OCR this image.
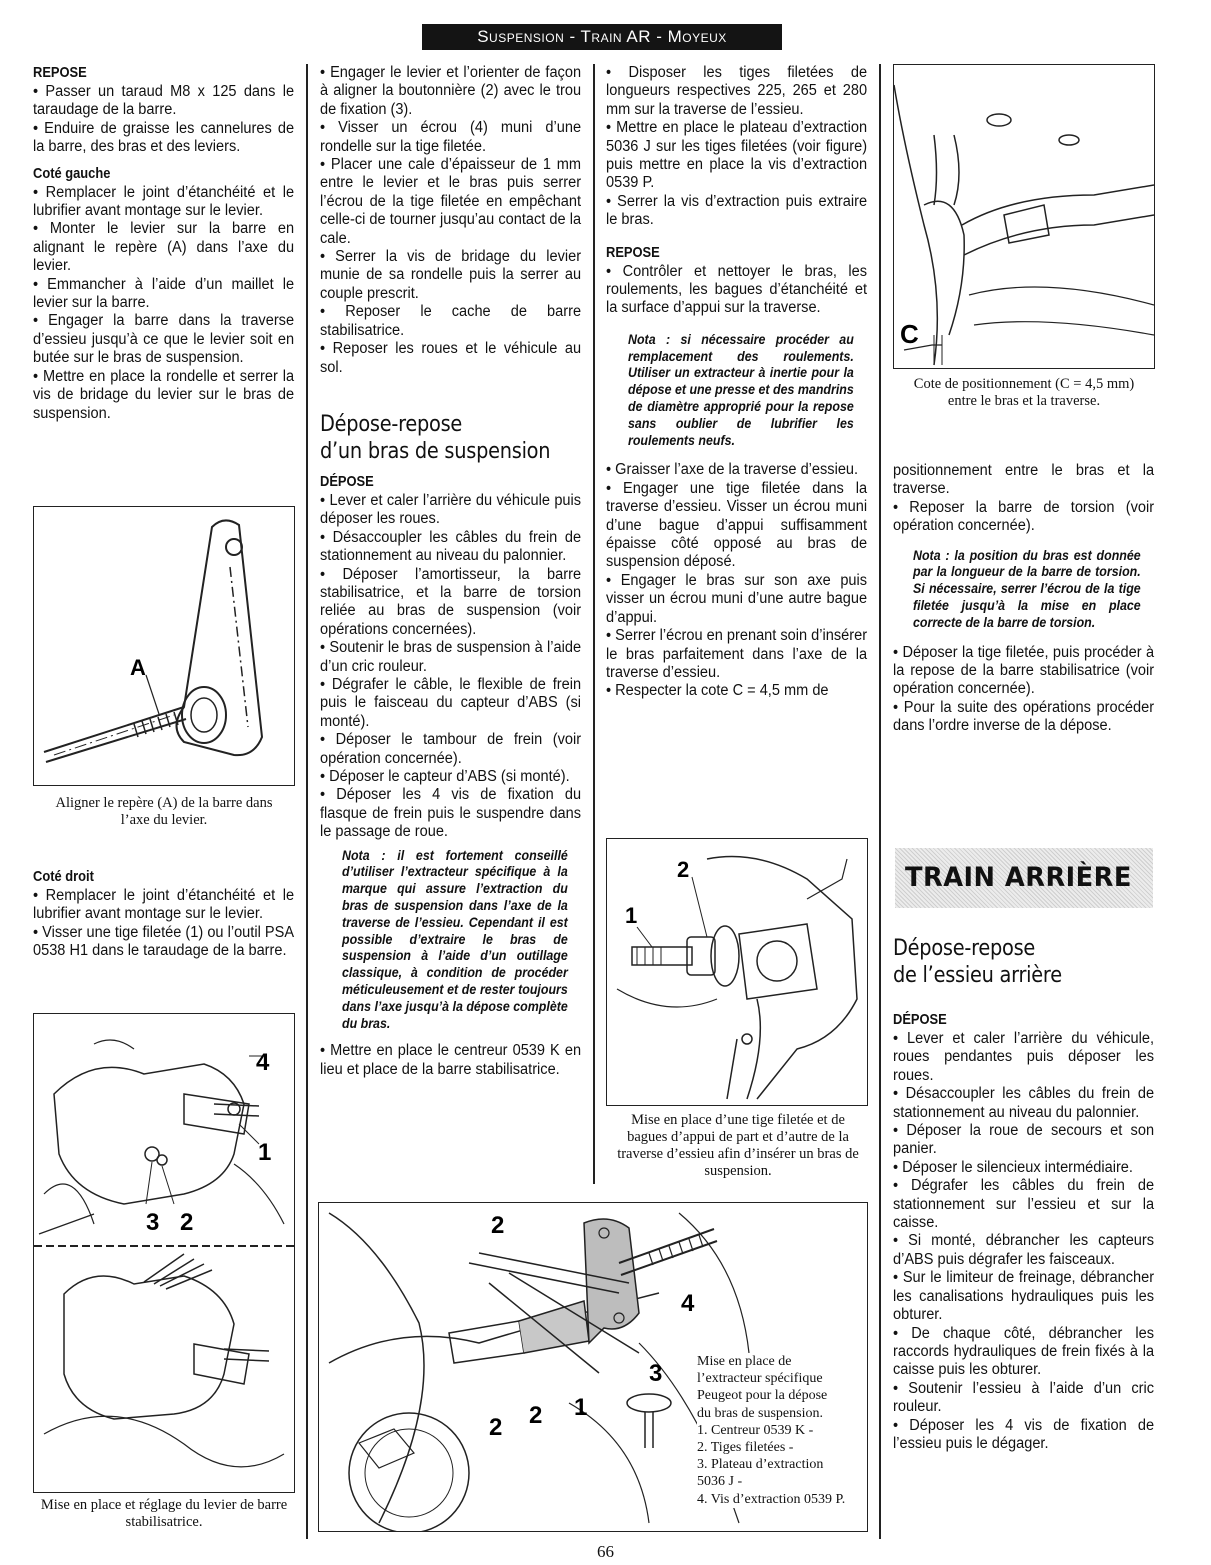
Suspension - Train AR - Moyeux
REPOSE

• Passer un taraud M8 x 125 dans le taraudage de la barre.
• Enduire de graisse les cannelures de la barre, des bras et des leviers.

Coté gauche

• Remplacer le joint d’étanchéité et le lubrifier avant montage sur le levier.
• Monter le levier sur la barre en alignant le repère (A) dans l’axe du levier.
• Emmancher à l’aide d’un maillet le levier sur la barre.
• Engager la barre dans la traverse d’essieu jusqu’à ce que le levier soit en butée sur le bras de suspension.
• Mettre en place la rondelle et serrer la vis de bridage du levier sur le bras de suspension.

A
Aligner le repère (A) de la barre dans l’axe du levier.
Coté droit

• Remplacer le joint d’étanchéité et le lubrifier avant montage sur le levier.
• Visser une tige filetée (1) ou l’outil PSA 0538 H1 dans le taraudage de la barre.

4
1
3 2
Mise en place et réglage du levier de barre stabilisatrice.

• Engager le levier et l’orienter de façon à aligner la boutonnière (2) avec le trou de fixation (3).
• Visser un écrou (4) muni d’une rondelle sur la tige filetée.
• Placer une cale d’épaisseur de 1 mm entre le levier et le bras puis serrer l’écrou de la tige filetée en empêchant celle-ci de tourner jusqu’au contact de la cale.
• Serrer la vis de bridage du levier munie de sa rondelle puis la serrer au couple prescrit.
• Reposer le cache de barre stabilisatrice.
• Reposer les roues et le véhicule au sol.

Dépose-repose
d’un bras de suspension
DÉPOSE

• Lever et caler l’arrière du véhicule puis déposer les roues.
• Désaccoupler les câbles du frein de stationnement au niveau du palonnier.
• Déposer l’amortisseur, la barre stabilisatrice, et la barre de torsion reliée au bras de suspension (voir opérations concernées).
• Soutenir le bras de suspension à l’aide d’un cric rouleur.
• Dégrafer le câble, le flexible de frein puis le faisceau du capteur d’ABS (si monté).
• Déposer le tambour de frein (voir opération concernée).
• Déposer le capteur d’ABS (si monté).
• Déposer les 4 vis de fixation du flasque de frein puis le suspendre dans le passage de roue.

Nota : il est fortement conseillé d’utiliser l’extracteur spécifique à la marque qui assure l’extraction du bras de suspension dans l’axe de la traverse de l’essieu. Cependant il est possible d’extraire le bras de suspension à l’aide d’un outillage classique, à condition de procéder méticuleusement et de rester toujours dans l’axe jusqu’à la dépose complète du bras.

• Mettre en place le centreur 0539 K en lieu et place de la barre stabilisatrice.

• Disposer les tiges filetées de longueurs respectives 225, 265 et 280 mm sur la traverse de l’essieu.
• Mettre en place le plateau d’extraction 5036 J sur les tiges filetées (voir figure) puis mettre en place la vis d’extraction 0539 P.
• Serrer la vis d’extraction puis extraire le bras.

REPOSE

• Contrôler et nettoyer le bras, les roulements, les bagues d’étanchéité et la surface d’appui sur la traverse.

Nota : si nécessaire procéder au remplacement des roulements. Utiliser un extracteur à inertie pour la dépose et une presse et des mandrins de diamètre approprié pour la repose sans oublier de lubrifier les roulements neufs.

• Graisser l’axe de la traverse d’essieu.
• Engager une tige filetée dans la traverse d’essieu. Visser un écrou muni d’une bague d’appui suffisamment épaisse côté opposé au bras de suspension déposé.
• Engager le bras sur son axe puis visser un écrou muni d’une autre bague d’appui.
• Serrer l’écrou en prenant soin d’insérer le bras parfaitement dans l’axe de la traverse d’essieu.
• Respecter la cote C = 4,5 mm de

2
1
Mise en place d’une tige filetée et de bagues d’appui de part et d’autre de la traverse d’essieu afin d’insérer un bras de suspension.
C
Cote de positionnement (C = 4,5 mm) entre le bras et la traverse.

positionnement entre le bras et la traverse.
• Reposer la barre de torsion (voir opération concernée).

Nota : la position du bras est donnée par la longueur de la barre de torsion. Si nécessaire, serrer l’écrou de la tige filetée jusqu’à la mise en place correcte de la barre de torsion.

• Déposer la tige filetée, puis procéder à la repose de la barre stabilisatrice (voir opération concernée).
• Pour la suite des opérations procéder dans l’ordre inverse de la dépose.

TRAIN ARRIÈRE
Dépose-repose
de l’essieu arrière
DÉPOSE

• Lever et caler l’arrière du véhicule, roues pendantes puis déposer les roues.
• Désaccoupler les câbles du frein de stationnement au niveau du palonnier.
• Déposer la roue de secours et son panier.
• Déposer le silencieux intermédiaire.
• Dégrafer les câbles du frein de stationnement sur l’essieu et sur la caisse.
• Si monté, débrancher les capteurs d’ABS puis dégrafer les faisceaux.
• Sur le limiteur de freinage, débrancher les canalisations hydrauliques puis les obturer.
• De chaque côté, débrancher les raccords hydrauliques de frein fixés à la caisse puis les obturer.
• Soutenir l’essieu à l’aide d’un cric rouleur.
• Déposer les 4 vis de fixation de l’essieu puis le dégager.

2
4
3
1
2 2
Mise en place de
l’extracteur spécifique
Peugeot pour la dépose
du bras de suspension.
1. Centreur 0539 K -
2. Tiges filetées -
3. Plateau d’extraction
5036 J -
4. Vis d’extraction 0539 P.
66
